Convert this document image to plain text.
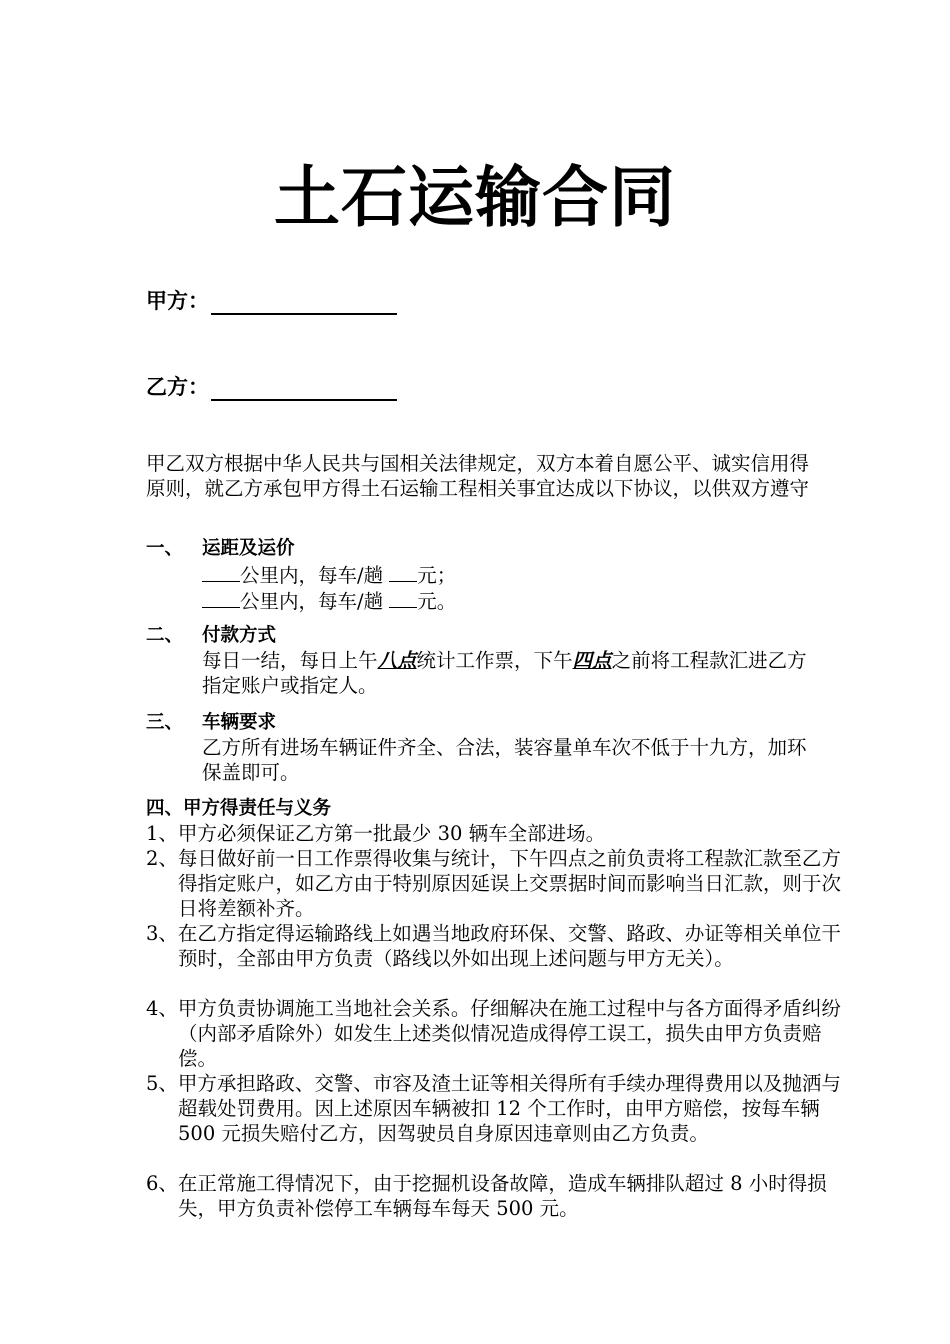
土石运输合同
甲方：
乙方：
甲乙双方根据中华人民共与国相关法律规定，双方本着自愿公平、诚实信用得原则，就乙方承包甲方得土石运输工程相关事宜达成以下协议，以供双方遵守
一、 运距及运价
公里内，每车/趟 元；
公里内，每车/趟 元。
二、 付款方式
每日一结，每日上午八点统计工作票，下午四点之前将工程款汇进乙方指定账户或指定人。
三、 车辆要求
乙方所有进场车辆证件齐全、合法，装容量单车次不低于十九方，加环保盖即可。
四、甲方得责任与义务
1、甲方必须保证乙方第一批最少 30 辆车全部进场。
2、每日做好前一日工作票得收集与统计，下午四点之前负责将工程款汇款至乙方得指定账户，如乙方由于特别原因延误上交票据时间而影响当日汇款，则于次日将差额补齐。
3、在乙方指定得运输路线上如遇当地政府环保、交警、路政、办证等相关单位干预时，全部由甲方负责（路线以外如出现上述问题与甲方无关）。
4、甲方负责协调施工当地社会关系。仔细解决在施工过程中与各方面得矛盾纠纷（内部矛盾除外）如发生上述类似情况造成得停工误工，损失由甲方负责赔偿。
5、甲方承担路政、交警、市容及渣土证等相关得所有手续办理得费用以及抛洒与超载处罚费用。因上述原因车辆被扣 12 个工作时，由甲方赔偿，按每车辆 500 元损失赔付乙方，因驾驶员自身原因违章则由乙方负责。
6、在正常施工得情况下，由于挖掘机设备故障，造成车辆排队超过 8 小时得损失，甲方负责补偿停工车辆每车每天 500 元。
